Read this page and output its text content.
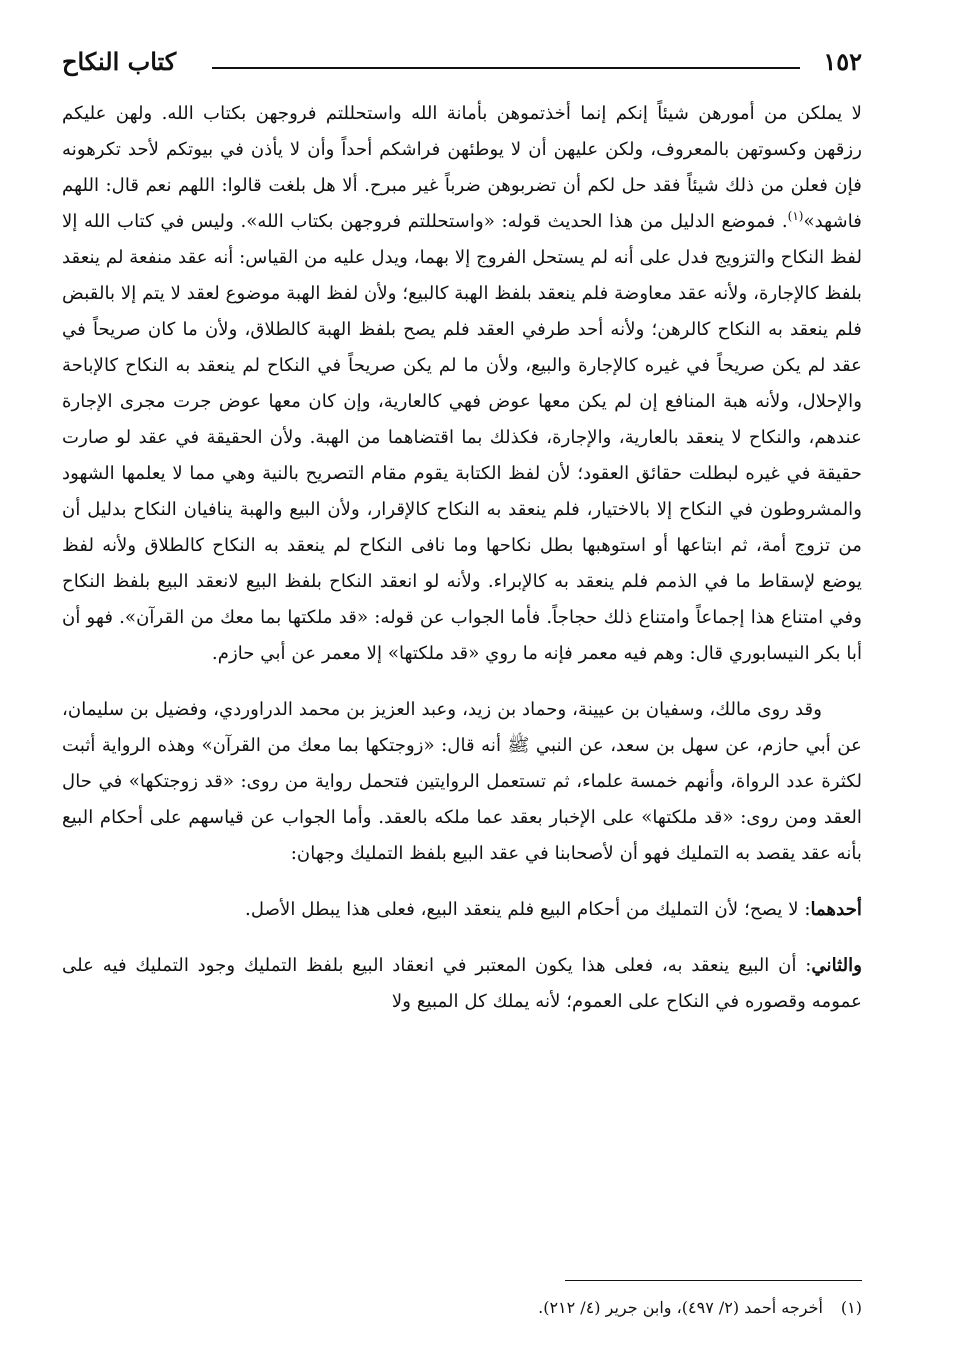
١٥٢
كتاب النكاح

لا يملكن من أمورهن شيئاً إنكم إنما أخذتموهن بأمانة الله واستحللتم فروجهن بكتاب الله. ولهن عليكم رزقهن وكسوتهن بالمعروف، ولكن عليهن أن لا يوطئهن فراشكم أحداً وأن لا يأذن في بيوتكم لأحد تكرهونه فإن فعلن من ذلك شيئاً فقد حل لكم أن تضربوهن ضرباً غير مبرح. ألا هل بلغت قالوا: اللهم نعم قال: اللهم فاشهد»$^{(١)}$. فموضع الدليل من هذا الحديث قوله: «واستحللتم فروجهن بكتاب الله». وليس في كتاب الله إلا لفظ النكاح والتزويج فدل على أنه لم يستحل الفروج إلا بهما، ويدل عليه من القياس: أنه عقد منفعة لم ينعقد بلفظ كالإجارة، ولأنه عقد معاوضة فلم ينعقد بلفظ الهبة كالبيع؛ ولأن لفظ الهبة موضوع لعقد لا يتم إلا بالقبض فلم ينعقد به النكاح كالرهن؛ ولأنه أحد طرفي العقد فلم يصح بلفظ الهبة كالطلاق، ولأن ما كان صريحاً في عقد لم يكن صريحاً في غيره كالإجارة والبيع، ولأن ما لم يكن صريحاً في النكاح لم ينعقد به النكاح كالإباحة والإحلال، ولأنه هبة المنافع إن لم يكن معها عوض فهي كالعارية، وإن كان معها عوض جرت مجرى الإجارة عندهم، والنكاح لا ينعقد بالعارية، والإجارة، فكذلك بما اقتضاهما من الهبة. ولأن الحقيقة في عقد لو صارت حقيقة في غيره لبطلت حقائق العقود؛ لأن لفظ الكتابة يقوم مقام التصريح بالنية وهي مما لا يعلمها الشهود والمشروطون في النكاح إلا بالاختيار، فلم ينعقد به النكاح كالإقرار، ولأن البيع والهبة ينافيان النكاح بدليل أن من تزوج أمة، ثم ابتاعها أو استوهبها بطل نكاحها وما نافى النكاح لم ينعقد به النكاح كالطلاق ولأنه لفظ يوضع لإسقاط ما في الذمم فلم ينعقد به كالإبراء. ولأنه لو انعقد النكاح بلفظ البيع لانعقد البيع بلفظ النكاح وفي امتناع هذا إجماعاً وامتناع ذلك حجاجاً. فأما الجواب عن قوله: «قد ملكتها بما معك من القرآن». فهو أن أبا بكر النيسابوري قال: وهم فيه معمر فإنه ما روي «قد ملكتها» إلا معمر عن أبي حازم.

وقد روى مالك، وسفيان بن عيينة، وحماد بن زيد، وعبد العزيز بن محمد الدراوردي، وفضيل بن سليمان، عن أبي حازم، عن سهل بن سعد، عن النبي ﷺ أنه قال: «زوجتكها بما معك من القرآن» وهذه الرواية أثبت لكثرة عدد الرواة، وأنهم خمسة علماء، ثم تستعمل الروايتين فتحمل رواية من روى: «قد زوجتكها» في حال العقد ومن روى: «قد ملكتها» على الإخبار بعقد عما ملكه بالعقد. وأما الجواب عن قياسهم على أحكام البيع بأنه عقد يقصد به التمليك فهو أن لأصحابنا في عقد البيع بلفظ التمليك وجهان:

أحدهما: لا يصح؛ لأن التمليك من أحكام البيع فلم ينعقد البيع، فعلى هذا يبطل الأصل.

والثاني: أن البيع ينعقد به، فعلى هذا يكون المعتبر في انعقاد البيع بلفظ التمليك وجود التمليك فيه على عمومه وقصوره في النكاح على العموم؛ لأنه يملك كل المبيع ولا

(١)أخرجه أحمد (٢/ ٤٩٧)، وابن جرير (٤/ ٢١٢).
